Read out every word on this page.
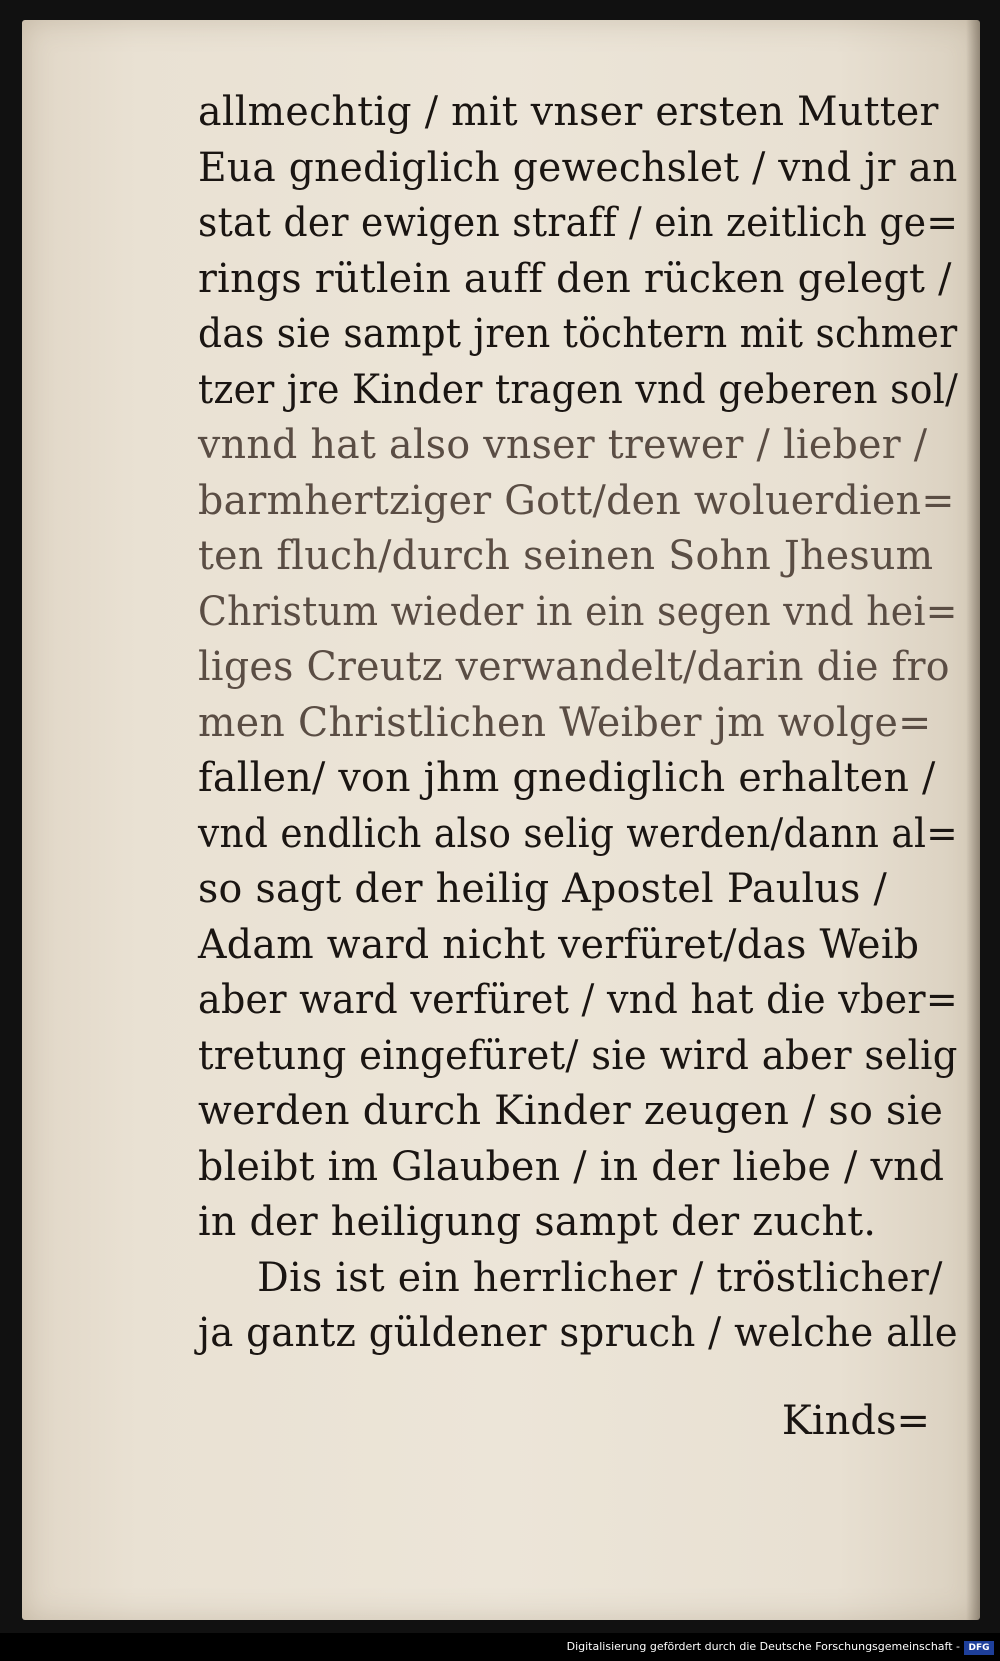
allmechtig / mit vnser ersten Mutter
Eua gnediglich gewechslet / vnd jr an
stat der ewigen straff / ein zeitlich ge=
rings rütlein auff den rücken gelegt /
das sie sampt jren töchtern mit schmer
tzer jre Kinder tragen vnd geberen sol/
vnnd hat also vnser trewer / lieber /
barmhertziger Gott/den woluerdien=
ten fluch/durch seinen Sohn Jhesum
Christum wieder in ein segen vnd hei=
liges Creutz verwandelt/darin die fro
men Christlichen Weiber jm wolge=
fallen/ von jhm gnediglich erhalten /
vnd endlich also selig werden/dann al=
so sagt der heilig Apostel Paulus /
Adam ward nicht verfüret/das Weib
aber ward verfüret / vnd hat die vber=
tretung eingefüret/ sie wird aber selig
werden durch Kinder zeugen / so sie
bleibt im Glauben / in der liebe / vnd
in der heiligung sampt der zucht.
Dis ist ein herrlicher / tröstlicher/
ja gantz güldener spruch / welche alle
Kinds=
Digitalisierung gefördert durch die Deutsche Forschungsgemeinschaft - DFG
